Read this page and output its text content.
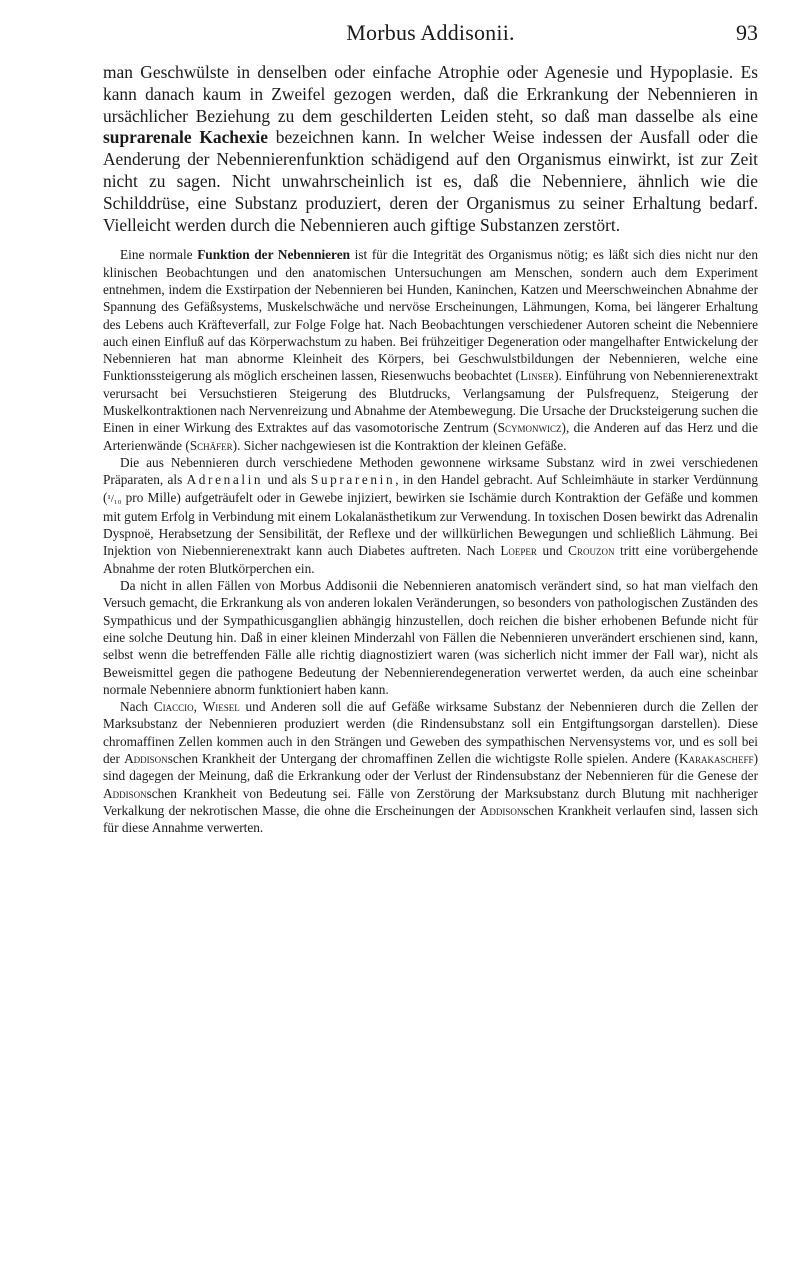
Morbus Addisonii.	93

man Geschwülste in denselben oder einfache Atrophie oder Agenesie und Hypoplasie. Es kann danach kaum in Zweifel gezogen werden, daß die Erkrankung der Nebennieren in ursächlicher Beziehung zu dem geschilderten Leiden steht, so daß man dasselbe als eine suprarenale Kachexie bezeichnen kann. In welcher Weise indessen der Ausfall oder die Aenderung der Nebennierenfunktion schädigend auf den Organismus einwirkt, ist zur Zeit nicht zu sagen. Nicht unwahrscheinlich ist es, daß die Nebenniere, ähnlich wie die Schilddrüse, eine Substanz produziert, deren der Organismus zu seiner Erhaltung bedarf. Vielleicht werden durch die Nebennieren auch giftige Substanzen zerstört.

Eine normale Funktion der Nebennieren ist für die Integrität des Organismus nötig; es läßt sich dies nicht nur den klinischen Beobachtungen und den anatomischen Untersuchungen am Menschen, sondern auch dem Experiment entnehmen, indem die Exstirpation der Nebennieren bei Hunden, Kaninchen, Katzen und Meerschweinchen Abnahme der Spannung des Gefäßsystems, Muskelschwäche und nervöse Erscheinungen, Lähmungen, Koma, bei längerer Erhaltung des Lebens auch Kräfteverfall, zur Folge Folge hat. Nach Beobachtungen verschiedener Autoren scheint die Nebenniere auch einen Einfluß auf das Körperwachstum zu haben. Bei frühzeitiger Degeneration oder mangelhafter Entwickelung der Nebennieren hat man abnorme Kleinheit des Körpers, bei Geschwulstbildungen der Nebennieren, welche eine Funktionssteigerung als möglich erscheinen lassen, Riesenwuchs beobachtet (Linser). Einführung von Nebennierenextrakt verursacht bei Versuchstieren Steigerung des Blutdrucks, Verlangsamung der Pulsfrequenz, Steigerung der Muskelkontraktionen nach Nervenreizung und Abnahme der Atembewegung. Die Ursache der Drucksteigerung suchen die Einen in einer Wirkung des Extraktes auf das vasomotorische Zentrum (Scymonwicz), die Anderen auf das Herz und die Arterienwände (Schäfer). Sicher nachgewiesen ist die Kontraktion der kleinen Gefäße.

Die aus Nebennieren durch verschiedene Methoden gewonnene wirksame Substanz wird in zwei verschiedenen Präparaten, als Adrenalin und als Suprarenin, in den Handel gebracht. Auf Schleimhäute in starker Verdünnung (¹/₁₀ pro Mille) aufgeträufelt oder in Gewebe injiziert, bewirken sie Ischämie durch Kontraktion der Gefäße und kommen mit gutem Erfolg in Verbindung mit einem Lokalanästhetikum zur Verwendung. In toxischen Dosen bewirkt das Adrenalin Dyspnoë, Herabsetzung der Sensibilität, der Reflexe und der willkürlichen Bewegungen und schließlich Lähmung. Bei Injektion von Niebennierenextrakt kann auch Diabetes auftreten. Nach Loeper und Crouzon tritt eine vorübergehende Abnahme der roten Blutkörperchen ein.

Da nicht in allen Fällen von Morbus Addisonii die Nebennieren anatomisch verändert sind, so hat man vielfach den Versuch gemacht, die Erkrankung als von anderen lokalen Veränderungen, so besonders von pathologischen Zuständen des Sympathicus und der Sympathicusganglien abhängig hinzustellen, doch reichen die bisher erhobenen Befunde nicht für eine solche Deutung hin. Daß in einer kleinen Minderzahl von Fällen die Nebennieren unverändert erschienen sind, kann, selbst wenn die betreffenden Fälle alle richtig diagnostiziert waren (was sicherlich nicht immer der Fall war), nicht als Beweismittel gegen die pathogene Bedeutung der Nebennierendegeneration verwertet werden, da auch eine scheinbar normale Nebenniere abnorm funktioniert haben kann.

Nach Ciaccio, Wiesel und Anderen soll die auf Gefäße wirksame Substanz der Nebennieren durch die Zellen der Marksubstanz der Nebennieren produziert werden (die Rindensubstanz soll ein Entgiftungsorgan darstellen). Diese chromaffinen Zellen kommen auch in den Strängen und Geweben des sympathischen Nervensystems vor, und es soll bei der Addisonschen Krankheit der Untergang der chromaffinen Zellen die wichtigste Rolle spielen. Andere (Karakascheff) sind dagegen der Meinung, daß die Erkrankung oder der Verlust der Rindensubstanz der Nebennieren für die Genese der Addisonschen Krankheit von Bedeutung sei. Fälle von Zerstörung der Marksubstanz durch Blutung mit nachheriger Verkalkung der nekrotischen Masse, die ohne die Erscheinungen der Addisonschen Krankheit verlaufen sind, lassen sich für diese Annahme verwerten.
